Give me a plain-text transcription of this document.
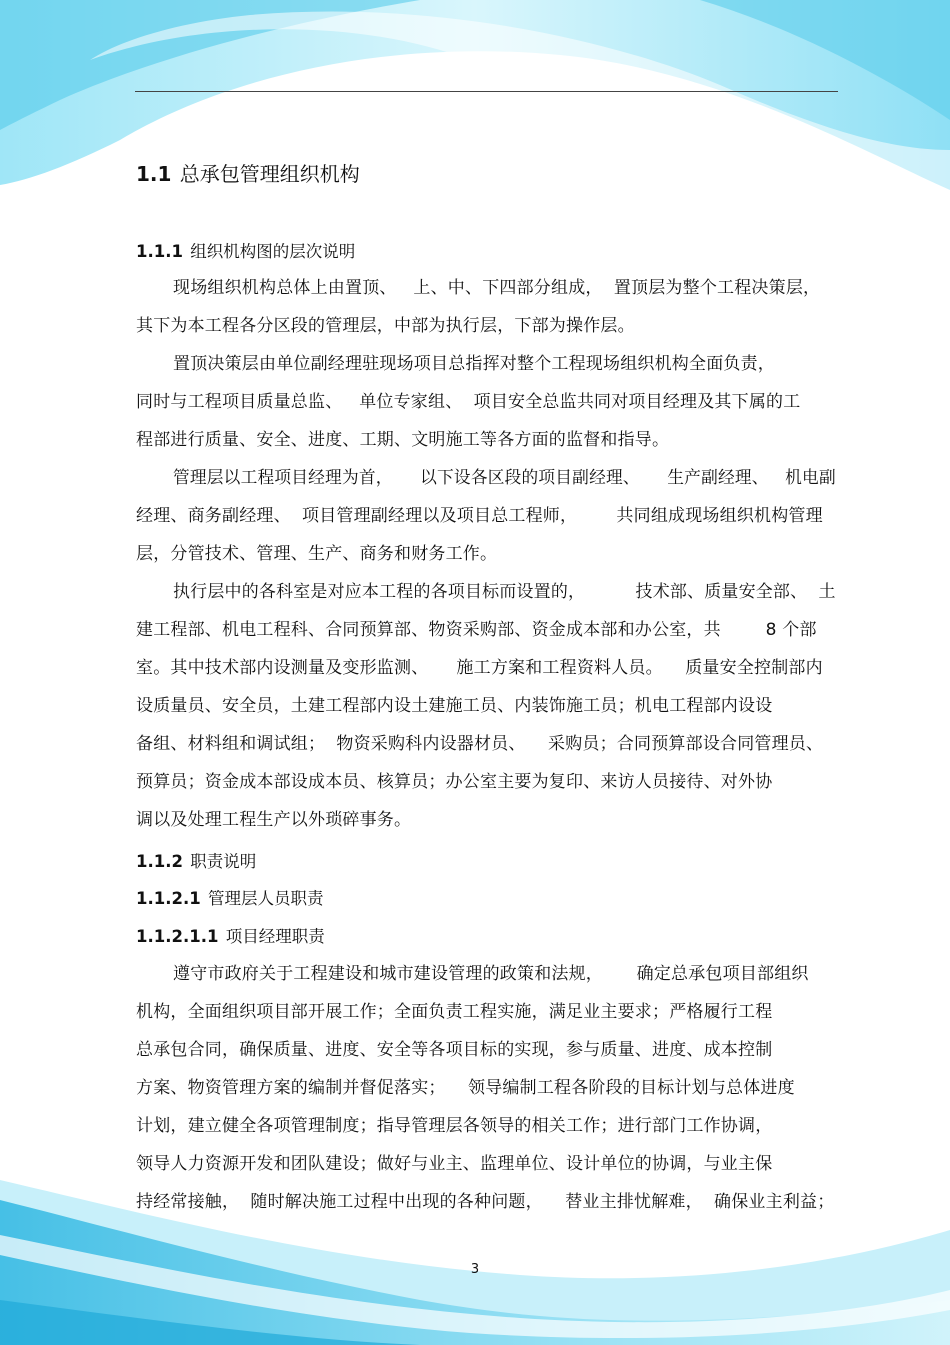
1.1 总承包管理组织机构
1.1.1 组织机构图的层次说明
现场组织机构总体上由置顶、   上、中、下四部分组成，  置顶层为整个工程决策层，
其下为本工程各分区段的管理层，中部为执行层，下部为操作层。
置顶决策层由单位副经理驻现场项目总指挥对整个工程现场组织机构全面负责，
同时与工程项目质量总监、   单位专家组、  项目安全总监共同对项目经理及其下属的工
程部进行质量、安全、进度、工期、文明施工等各方面的监督和指导。
管理层以工程项目经理为首，     以下设各区段的项目副经理、     生产副经理、   机电副
经理、商务副经理、  项目管理副经理以及项目总工程师，       共同组成现场组织机构管理
层，分管技术、管理、生产、商务和财务工作。
执行层中的各科室是对应本工程的各项目标而设置的，         技术部、质量安全部、  土
建工程部、机电工程科、合同预算部、物资采购部、资金成本部和办公室，共        8 个部
室。其中技术部内设测量及变形监测、     施工方案和工程资料人员。    质量安全控制部内
设质量员、安全员，土建工程部内设土建施工员、内装饰施工员；机电工程部内设设
备组、材料组和调试组；  物资采购科内设器材员、    采购员；合同预算部设合同管理员、
预算员；资金成本部设成本员、核算员；办公室主要为复印、来访人员接待、对外协
调以及处理工程生产以外琐碎事务。
1.1.2 职责说明
1.1.2.1 管理层人员职责
1.1.2.1.1 项目经理职责
遵守市政府关于工程建设和城市建设管理的政策和法规，      确定总承包项目部组织
机构，全面组织项目部开展工作；全面负责工程实施，满足业主要求；严格履行工程
总承包合同，确保质量、进度、安全等各项目标的实现，参与质量、进度、成本控制
方案、物资管理方案的编制并督促落实；    领导编制工程各阶段的目标计划与总体进度
计划，建立健全各项管理制度；指导管理层各领导的相关工作；进行部门工作协调，
领导人力资源开发和团队建设；做好与业主、监理单位、设计单位的协调，与业主保
持经常接触，  随时解决施工过程中出现的各种问题，    替业主排忧解难，  确保业主利益；
3
